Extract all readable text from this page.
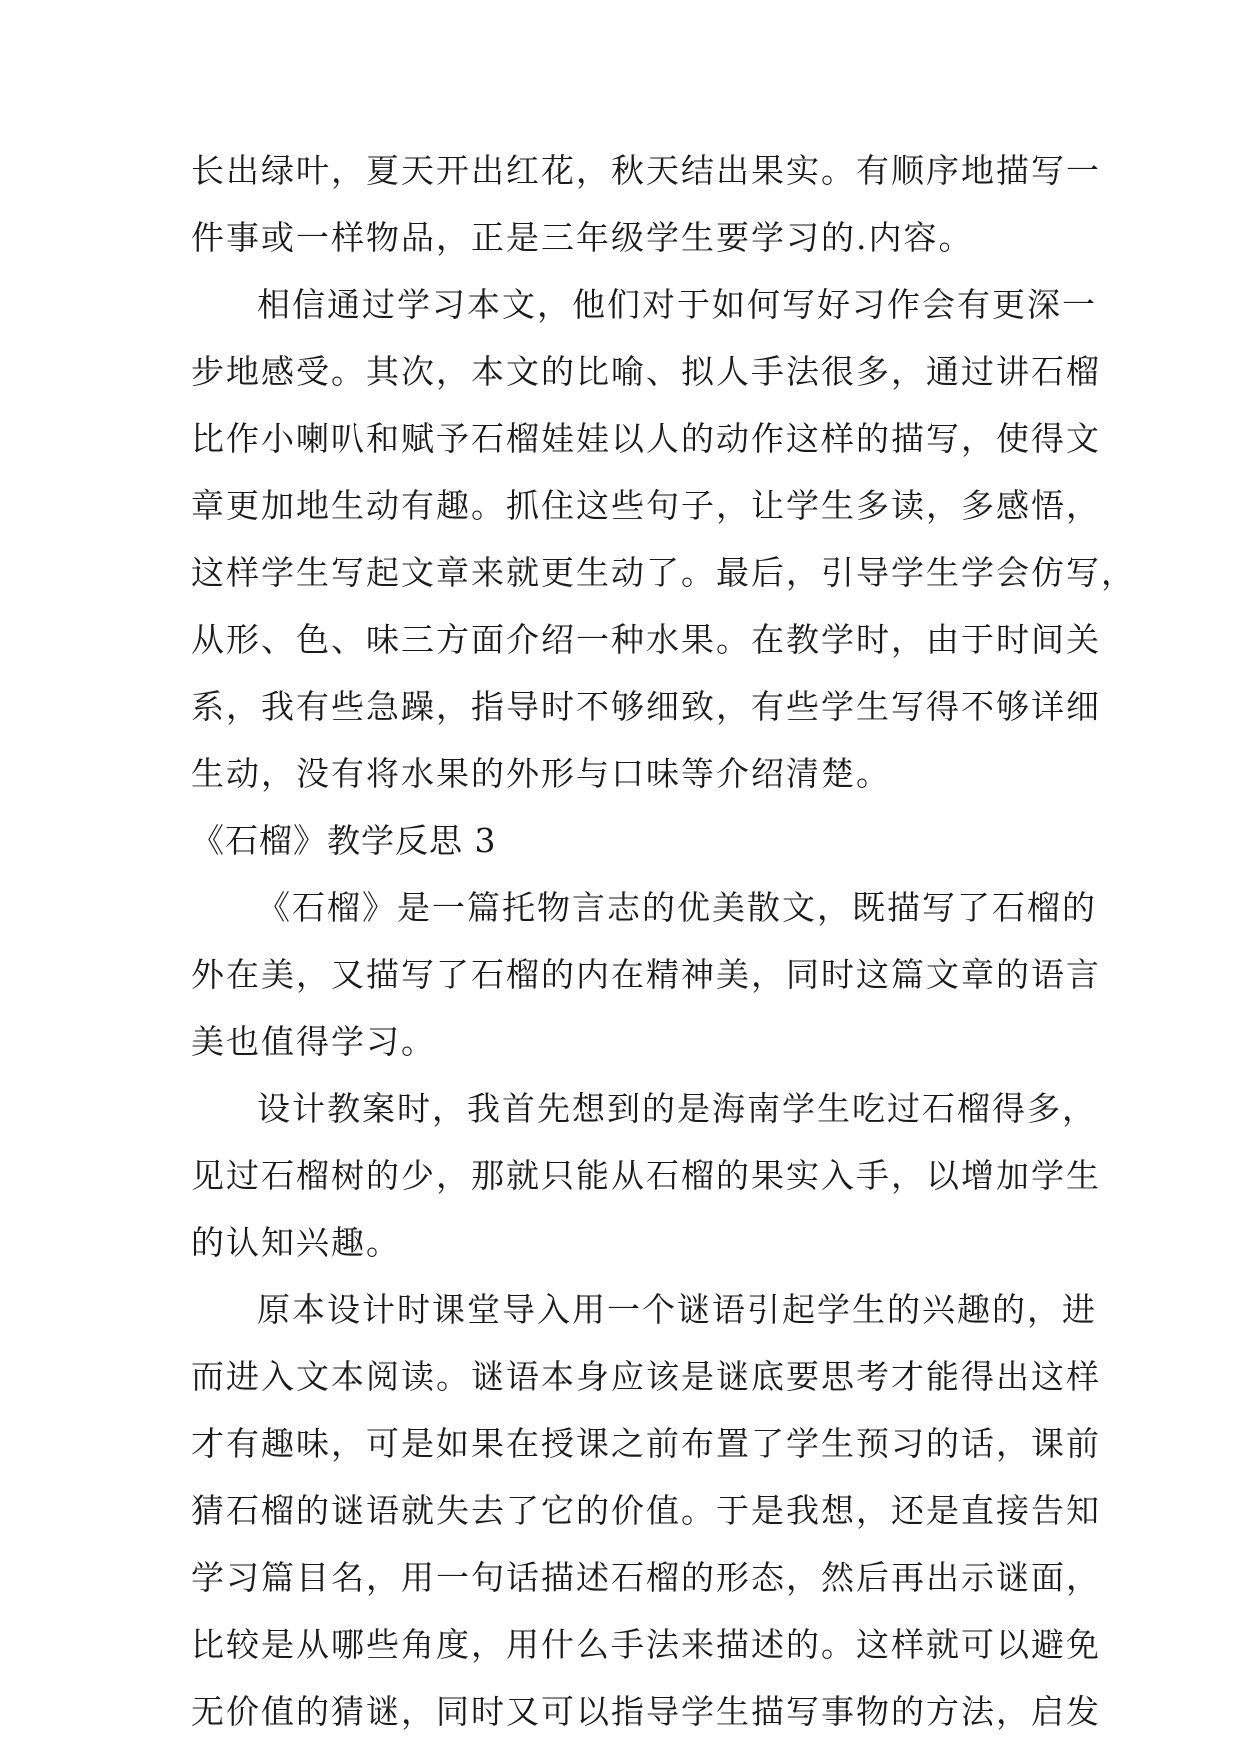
长出绿叶，夏天开出红花，秋天结出果实。有顺序地描写一
件事或一样物品，正是三年级学生要学习的.内容。
相信通过学习本文，他们对于如何写好习作会有更深一
步地感受。其次，本文的比喻、拟人手法很多，通过讲石榴
比作小喇叭和赋予石榴娃娃以人的动作这样的描写，使得文
章更加地生动有趣。抓住这些句子，让学生多读，多感悟，
这样学生写起文章来就更生动了。最后，引导学生学会仿写，
从形、色、味三方面介绍一种水果。在教学时，由于时间关
系，我有些急躁，指导时不够细致，有些学生写得不够详细
生动，没有将水果的外形与口味等介绍清楚。
《石榴》教学反思 3
《石榴》是一篇托物言志的优美散文，既描写了石榴的
外在美，又描写了石榴的内在精神美，同时这篇文章的语言
美也值得学习。
设计教案时，我首先想到的是海南学生吃过石榴得多，
见过石榴树的少，那就只能从石榴的果实入手，以增加学生
的认知兴趣。
原本设计时课堂导入用一个谜语引起学生的兴趣的，进
而进入文本阅读。谜语本身应该是谜底要思考才能得出这样
才有趣味，可是如果在授课之前布置了学生预习的话，课前
猜石榴的谜语就失去了它的价值。于是我想，还是直接告知
学习篇目名，用一句话描述石榴的形态，然后再出示谜面，
比较是从哪些角度，用什么手法来描述的。这样就可以避免
无价值的猜谜，同时又可以指导学生描写事物的方法，启发
